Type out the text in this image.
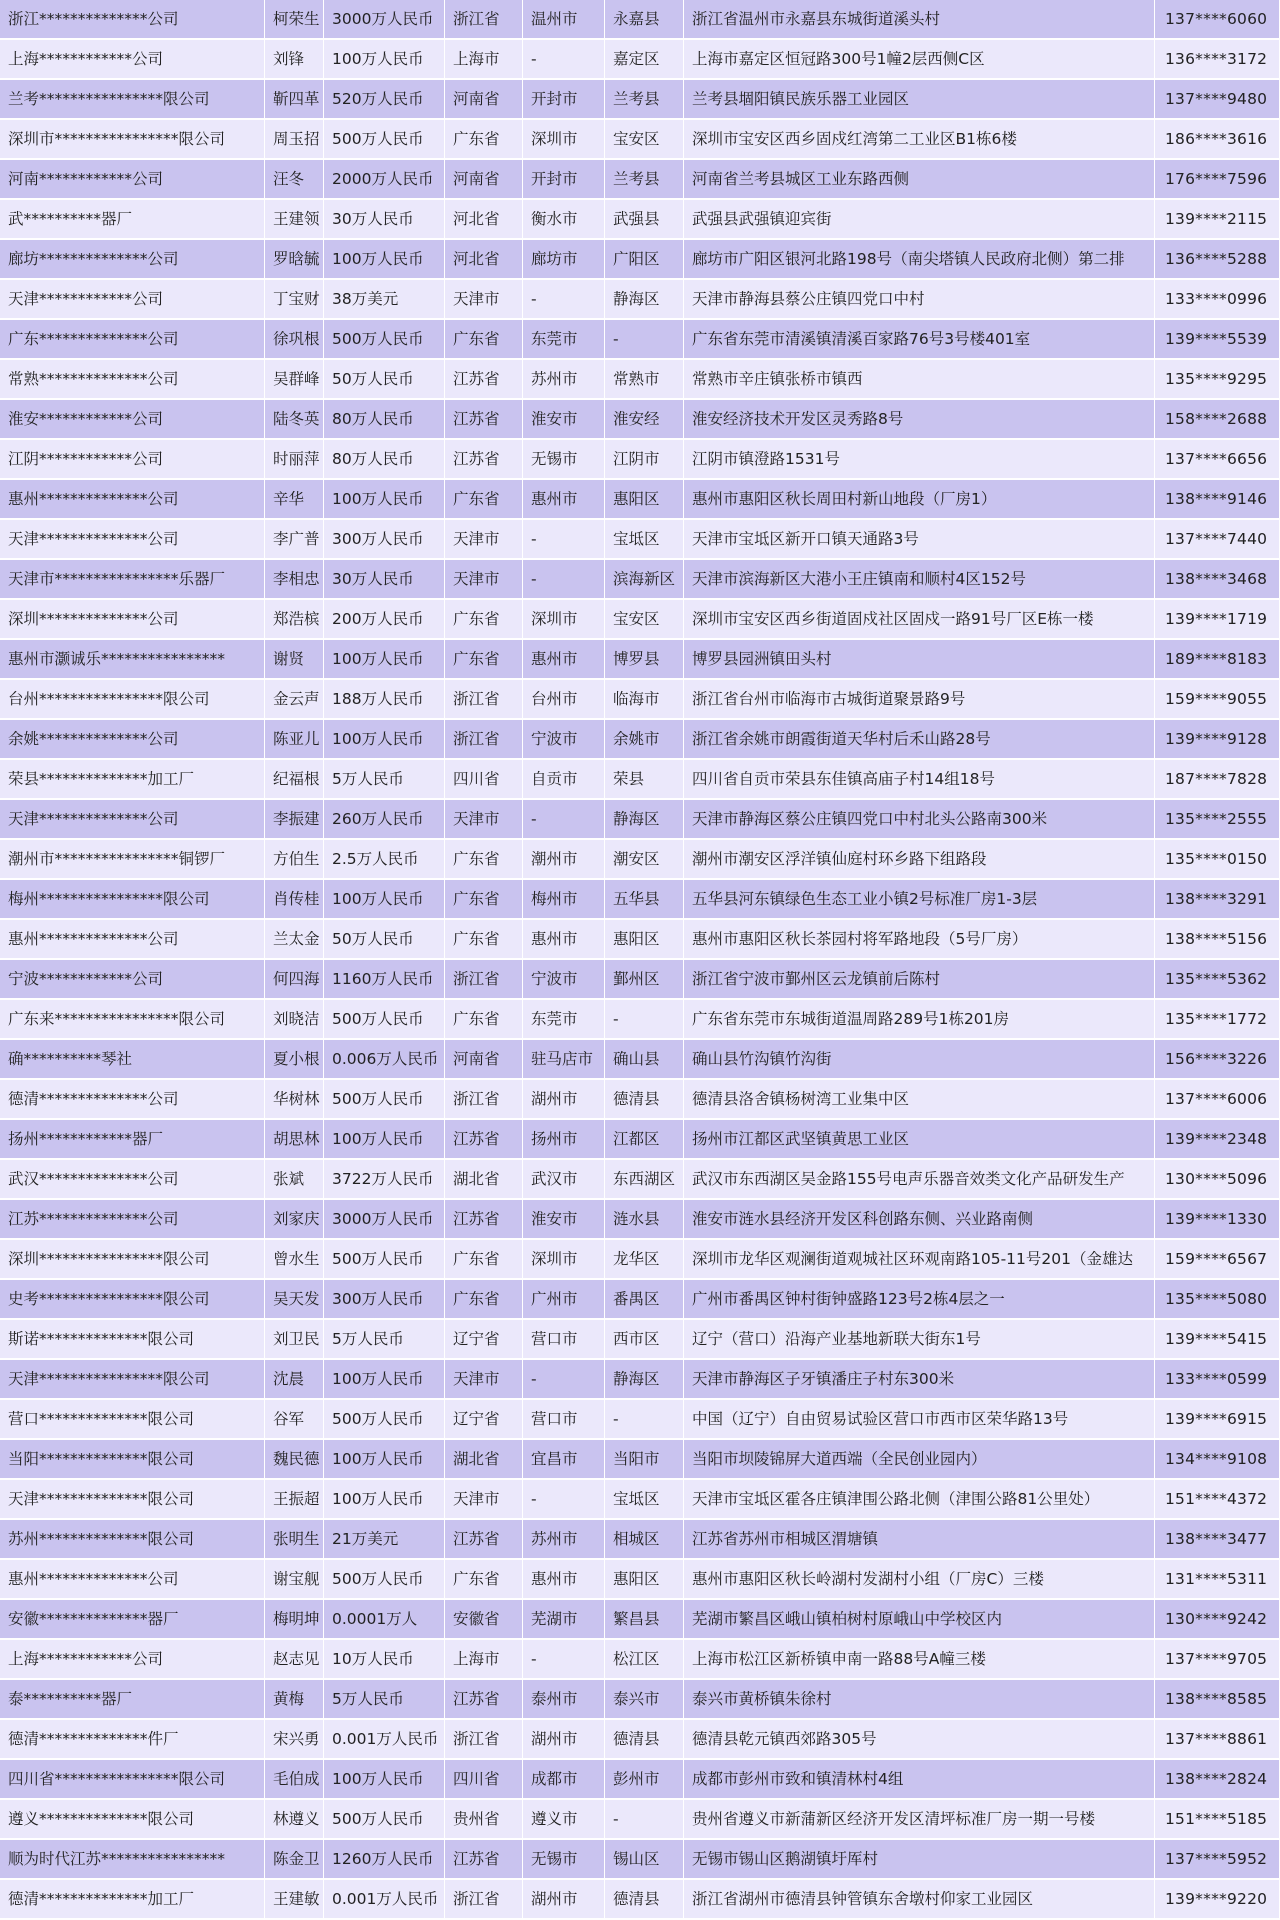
浙江**************公司	柯荣生	3000万人民币	浙江省	温州市	永嘉县	浙江省温州市永嘉县东城街道溪头村	137****6060
上海************公司	刘锋	100万人民币	上海市	-	嘉定区	上海市嘉定区恒冠路300号1幢2层西侧C区	136****3172
兰考****************限公司	靳四革	520万人民币	河南省	开封市	兰考县	兰考县堌阳镇民族乐器工业园区	137****9480
深圳市****************限公司	周玉招	500万人民币	广东省	深圳市	宝安区	深圳市宝安区西乡固戍红湾第二工业区B1栋6楼	186****3616
河南************公司	汪冬	2000万人民币	河南省	开封市	兰考县	河南省兰考县城区工业东路西侧	176****7596
武**********器厂	王建领	30万人民币	河北省	衡水市	武强县	武强县武强镇迎宾街	139****2115
廊坊**************公司	罗晗毓	100万人民币	河北省	廊坊市	广阳区	廊坊市广阳区银河北路198号（南尖塔镇人民政府北侧）第二排	136****5288
天津************公司	丁宝财	38万美元	天津市	-	静海区	天津市静海县蔡公庄镇四党口中村	133****0996
广东**************公司	徐巩根	500万人民币	广东省	东莞市	-	广东省东莞市清溪镇清溪百家路76号3号楼401室	139****5539
常熟**************公司	吴群峰	50万人民币	江苏省	苏州市	常熟市	常熟市辛庄镇张桥市镇西	135****9295
淮安************公司	陆冬英	80万人民币	江苏省	淮安市	淮安经	淮安经济技术开发区灵秀路8号	158****2688
江阴************公司	时丽萍	80万人民币	江苏省	无锡市	江阴市	江阴市镇澄路1531号	137****6656
惠州**************公司	辛华	100万人民币	广东省	惠州市	惠阳区	惠州市惠阳区秋长周田村新山地段（厂房1）	138****9146
天津**************公司	李广普	300万人民币	天津市	-	宝坻区	天津市宝坻区新开口镇天通路3号	137****7440
天津市****************乐器厂	李相忠	30万人民币	天津市	-	滨海新区	天津市滨海新区大港小王庄镇南和顺村4区152号	138****3468
深圳**************公司	郑浩槟	200万人民币	广东省	深圳市	宝安区	深圳市宝安区西乡街道固戍社区固戍一路91号厂区E栋一楼	139****1719
惠州市灏诚乐****************	谢贤	100万人民币	广东省	惠州市	博罗县	博罗县园洲镇田头村	189****8183
台州****************限公司	金云声	188万人民币	浙江省	台州市	临海市	浙江省台州市临海市古城街道聚景路9号	159****9055
余姚**************公司	陈亚儿	100万人民币	浙江省	宁波市	余姚市	浙江省余姚市朗霞街道天华村后禾山路28号	139****9128
荣县**************加工厂	纪福根	5万人民币	四川省	自贡市	荣县	四川省自贡市荣县东佳镇高庙子村14组18号	187****7828
天津**************公司	李振建	260万人民币	天津市	-	静海区	天津市静海区蔡公庄镇四党口中村北头公路南300米	135****2555
潮州市****************铜锣厂	方伯生	2.5万人民币	广东省	潮州市	潮安区	潮州市潮安区浮洋镇仙庭村环乡路下组路段	135****0150
梅州****************限公司	肖传桂	100万人民币	广东省	梅州市	五华县	五华县河东镇绿色生态工业小镇2号标准厂房1-3层	138****3291
惠州**************公司	兰太金	50万人民币	广东省	惠州市	惠阳区	惠州市惠阳区秋长茶园村将军路地段（5号厂房）	138****5156
宁波************公司	何四海	1160万人民币	浙江省	宁波市	鄞州区	浙江省宁波市鄞州区云龙镇前后陈村	135****5362
广东来****************限公司	刘晓洁	500万人民币	广东省	东莞市	-	广东省东莞市东城街道温周路289号1栋201房	135****1772
确**********琴社	夏小根	0.006万人民币	河南省	驻马店市	确山县	确山县竹沟镇竹沟街	156****3226
德清**************公司	华树林	500万人民币	浙江省	湖州市	德清县	德清县洛舍镇杨树湾工业集中区	137****6006
扬州************器厂	胡思林	100万人民币	江苏省	扬州市	江都区	扬州市江都区武坚镇黄思工业区	139****2348
武汉**************公司	张斌	3722万人民币	湖北省	武汉市	东西湖区	武汉市东西湖区吴金路155号电声乐器音效类文化产品研发生产	130****5096
江苏**************公司	刘家庆	3000万人民币	江苏省	淮安市	涟水县	淮安市涟水县经济开发区科创路东侧、兴业路南侧	139****1330
深圳****************限公司	曾水生	500万人民币	广东省	深圳市	龙华区	深圳市龙华区观澜街道观城社区环观南路105-11号201（金雄达	159****6567
史考****************限公司	吴天发	300万人民币	广东省	广州市	番禺区	广州市番禺区钟村街钟盛路123号2栋4层之一	135****5080
斯诺**************限公司	刘卫民	5万人民币	辽宁省	营口市	西市区	辽宁（营口）沿海产业基地新联大街东1号	139****5415
天津****************限公司	沈晨	100万人民币	天津市	-	静海区	天津市静海区子牙镇潘庄子村东300米	133****0599
营口**************限公司	谷军	500万人民币	辽宁省	营口市	-	中国（辽宁）自由贸易试验区营口市西市区荣华路13号	139****6915
当阳**************限公司	魏民德	100万人民币	湖北省	宜昌市	当阳市	当阳市坝陵锦屏大道西端（全民创业园内）	134****9108
天津**************限公司	王振超	100万人民币	天津市	-	宝坻区	天津市宝坻区霍各庄镇津围公路北侧（津围公路81公里处）	151****4372
苏州**************限公司	张明生	21万美元	江苏省	苏州市	相城区	江苏省苏州市相城区渭塘镇	138****3477
惠州**************公司	谢宝舰	500万人民币	广东省	惠州市	惠阳区	惠州市惠阳区秋长岭湖村发湖村小组（厂房C）三楼	131****5311
安徽**************器厂	梅明坤	0.0001万人	安徽省	芜湖市	繁昌县	芜湖市繁昌区峨山镇柏树村原峨山中学校区内	130****9242
上海************公司	赵志见	10万人民币	上海市	-	松江区	上海市松江区新桥镇申南一路88号A幢三楼	137****9705
泰**********器厂	黄梅	5万人民币	江苏省	泰州市	泰兴市	泰兴市黄桥镇朱徐村	138****8585
德清**************件厂	宋兴勇	0.001万人民币	浙江省	湖州市	德清县	德清县乾元镇西郊路305号	137****8861
四川省****************限公司	毛伯成	100万人民币	四川省	成都市	彭州市	成都市彭州市致和镇清林村4组	138****2824
遵义**************限公司	林遵义	500万人民币	贵州省	遵义市	-	贵州省遵义市新蒲新区经济开发区清坪标准厂房一期一号楼	151****5185
顺为时代江苏****************	陈金卫	1260万人民币	江苏省	无锡市	锡山区	无锡市锡山区鹅湖镇圩厍村	137****5952
德清**************加工厂	王建敏	0.001万人民币	浙江省	湖州市	德清县	浙江省湖州市德清县钟管镇东舍墩村仰家工业园区	139****9220
